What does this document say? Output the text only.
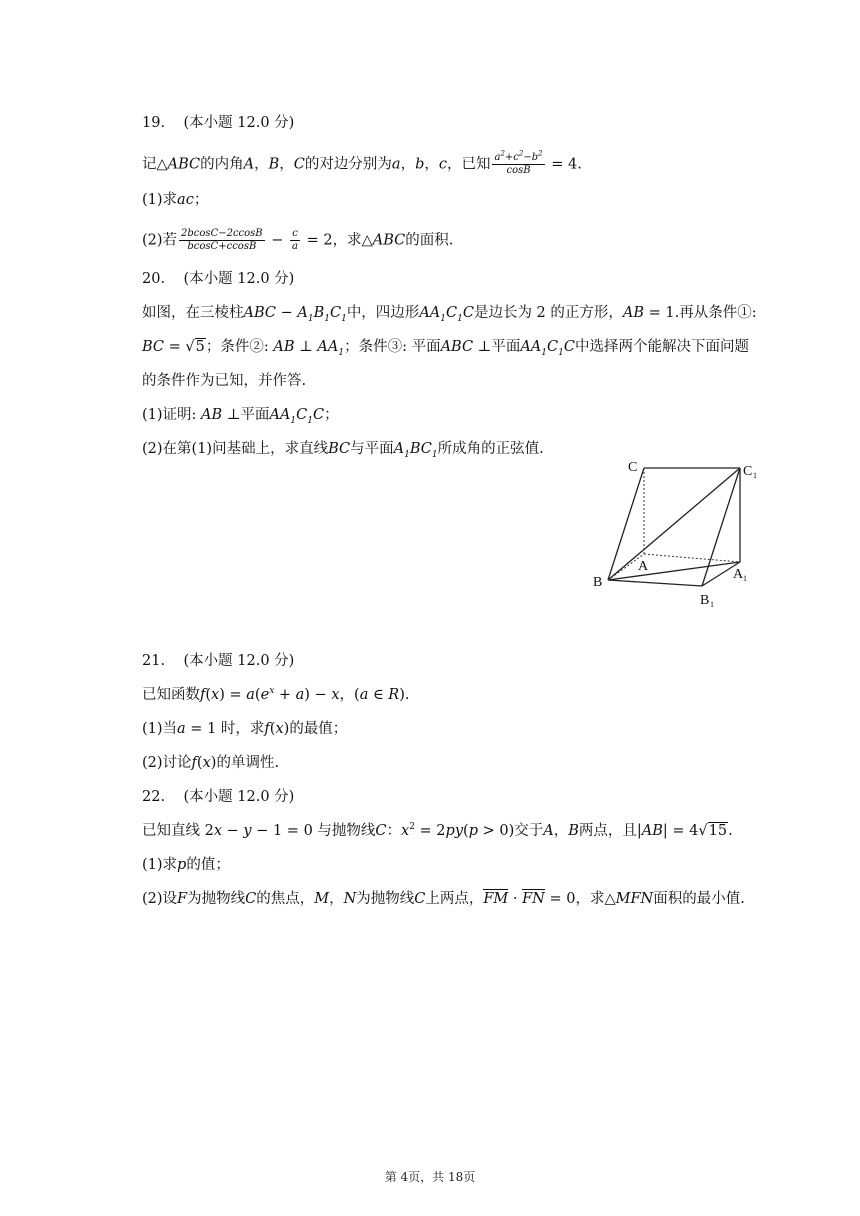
19. (本小题 12.0 分)
记△ABC的内角A，B，C的对边分别为a，b，c，已知 $\frac{a^2+c^2-b^2}{\cos B} = 4$.
(1)求ac；
(2)若 $\frac{2bcosC-2ccosB}{bcosC+ccosB} - \frac{c}{a} = 2$，求△ABC的面积.
20. (本小题 12.0 分)
如图，在三棱柱ABC − $A_1B_1C_1$中，四边形$AA_1C_1C$是边长为 2 的正方形，AB = 1.再从条件①:
BC = √5；条件②: AB ⊥ $AA_1$；条件③: 平面ABC ⊥平面$AA_1C_1C$中选择两个能解决下面问题
的条件作为已知，并作答.
(1)证明: AB ⊥平面$AA_1C_1C$；
(2)在第(1)问基础上，求直线BC与平面$A_1BC_1$所成角的正弦值.
C	C 1
B
A
A 1
B 1
21. (本小题 12.0 分)
已知函数$f(x) = a(e^x + a) - x$，(a ∈ R).
(1)当a = 1 时，求f(x)的最值；
(2)讨论f(x)的单调性.
22. (本小题 12.0 分)
已知直线 2x − y − 1 = 0 与抛物线C：$x^2 = 2py(p > 0)$交于A，B两点，且|AB| = 4√15.
(1)求p的值；
(2)设F为抛物线C的焦点，M，N为抛物线C上两点，FM · FN = 0，求△MFN面积的最小值.
第 4页，共 18页
